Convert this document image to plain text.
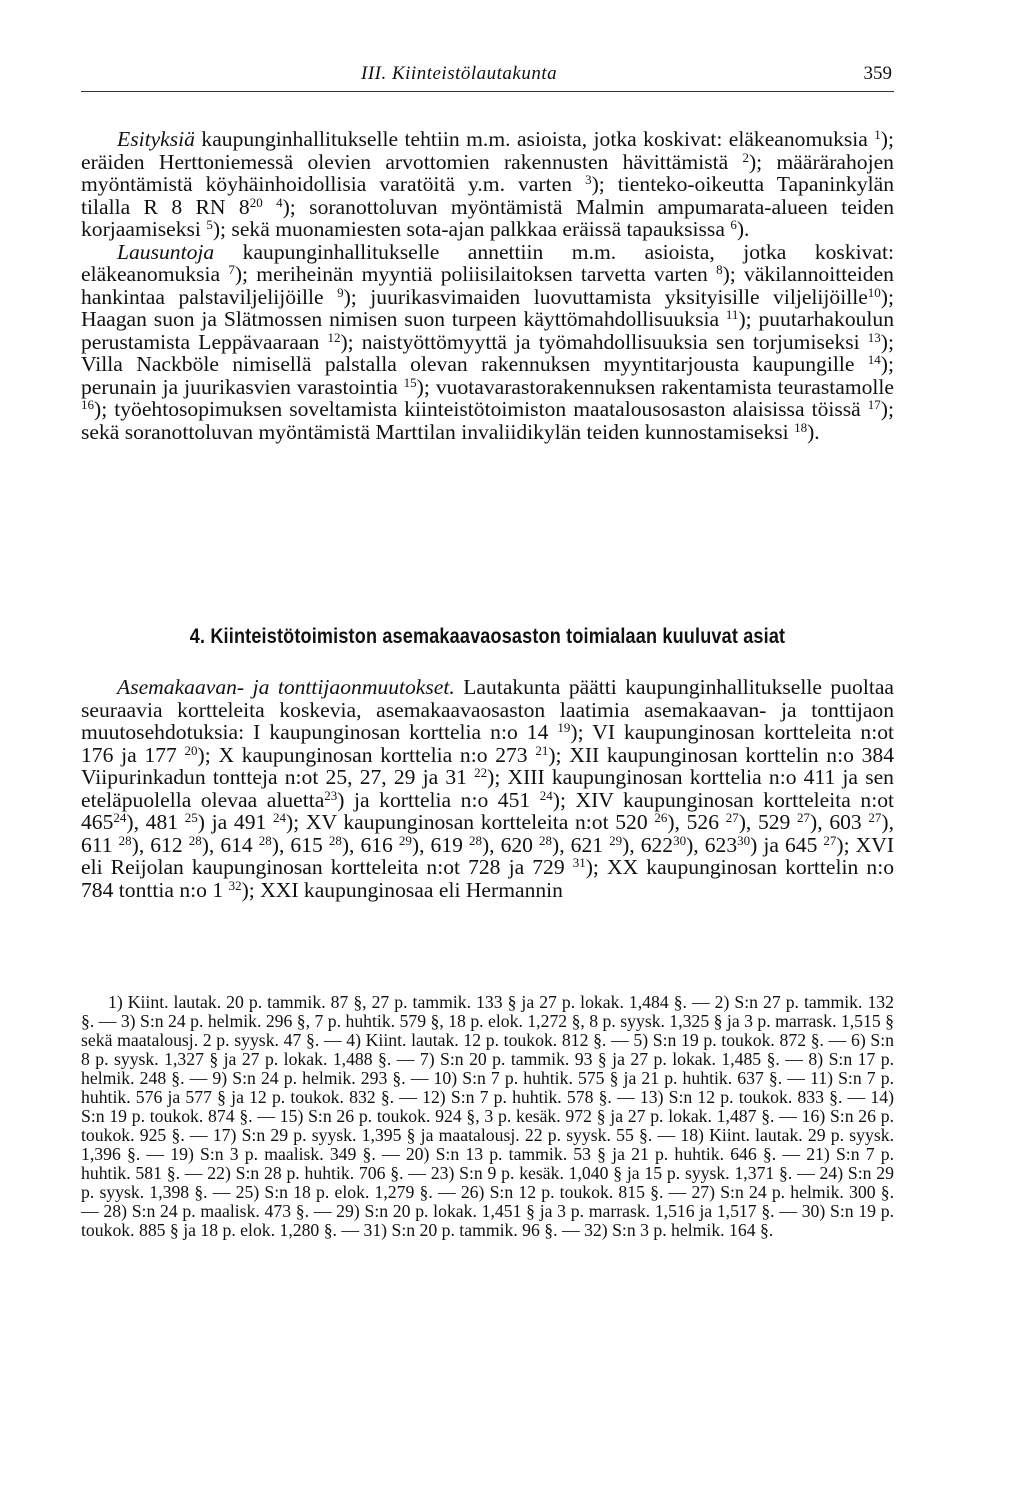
III. Kiinteistölautakunta	359

Esityksiä kaupunginhallitukselle tehtiin m.m. asioista, jotka koskivat: eläkeanomuksia $^1$); eräiden Herttoniemessä olevien arvottomien rakennusten hävittämistä $^2$); määrärahojen myöntämistä köyhäinhoidollisia varatöitä y.m. varten $^3$); tienteko-oikeutta Tapaninkylän tilalla R 8 RN $8^{20}$ $^4$); soranottoluvan myöntämistä Malmin ampumarata-alueen teiden korjaamiseksi $^5$); sekä muonamiesten sota-ajan palkkaa eräissä tapauksissa $^6$).

Lausuntoja kaupunginhallitukselle annettiin m.m. asioista, jotka koskivat: eläkeanomuksia $^7$); meriheinän myyntiä poliisilaitoksen tarvetta varten $^8$); väkilannoitteiden hankintaa palstaviljelijöille $^9$); juurikasvimaiden luovuttamista yksityisille viljelijöille$^{10}$); Haagan suon ja Slätmossen nimisen suon turpeen käyttömahdollisuuksia $^{11}$); puutarhakoulun perustamista Leppävaaraan $^{12}$); naistyöttömyyttä ja työmahdollisuuksia sen torjumiseksi $^{13}$); Villa Nackböle nimisellä palstalla olevan rakennuksen myyntitarjousta kaupungille $^{14}$); perunain ja juurikasvien varastointia $^{15}$); vuotavarastorakennuksen rakentamista teurastamolle $^{16}$); työehtosopimuksen soveltamista kiinteistötoimiston maatalousosaston alaisissa töissä $^{17}$); sekä soranottoluvan myöntämistä Marttilan invaliidikylän teiden kunnostamiseksi $^{18}$).

4. Kiinteistötoimiston asemakaavaosaston toimialaan kuuluvat asiat

Asemakaavan- ja tonttijaonmuutokset. Lautakunta päätti kaupunginhallitukselle puoltaa seuraavia kortteleita koskevia, asemakaavaosaston laatimia asemakaavan- ja tonttijaon muutosehdotuksia: I kaupunginosan korttelia n:o 14 $^{19}$); VI kaupunginosan kortteleita n:ot 176 ja 177 $^{20}$); X kaupunginosan korttelia n:o 273 $^{21}$); XII kaupunginosan korttelin n:o 384 Viipurinkadun tontteja n:ot 25, 27, 29 ja 31 $^{22}$); XIII kaupunginosan korttelia n:o 411 ja sen eteläpuolella olevaa aluetta$^{23}$) ja korttelia n:o 451 $^{24}$); XIV kaupunginosan kortteleita n:ot $465^{24}$), 481 $^{25}$) ja 491 $^{24}$); XV kaupunginosan kortteleita n:ot 520 $^{26}$), 526 $^{27}$), 529 $^{27}$), 603 $^{27}$), 611 $^{28}$), 612 $^{28}$), 614 $^{28}$), 615 $^{28}$), 616 $^{29}$), 619 $^{28}$), 620 $^{28}$), 621 $^{29}$), $622^{30}$), $623^{30}$) ja 645 $^{27}$); XVI eli Reijolan kaupunginosan kortteleita n:ot 728 ja 729 $^{31}$); XX kaupunginosan korttelin n:o 784 tonttia n:o 1 $^{32}$); XXI kaupunginosaa eli Hermannin

1) Kiint. lautak. 20 p. tammik. 87 §, 27 p. tammik. 133 § ja 27 p. lokak. 1,484 §. — 2) S:n 27 p. tammik. 132 §. — 3) S:n 24 p. helmik. 296 §, 7 p. huhtik. 579 §, 18 p. elok. 1,272 §, 8 p. syysk. 1,325 § ja 3 p. marrask. 1,515 § sekä maatalousj. 2 p. syysk. 47 §. — 4) Kiint. lautak. 12 p. toukok. 812 §. — 5) S:n 19 p. toukok. 872 §. — 6) S:n 8 p. syysk. 1,327 § ja 27 p. lokak. 1,488 §. — 7) S:n 20 p. tammik. 93 § ja 27 p. lokak. 1,485 §. — 8) S:n 17 p. helmik. 248 §. — 9) S:n 24 p. helmik. 293 §. — 10) S:n 7 p. huhtik. 575 § ja 21 p. huhtik. 637 §. — 11) S:n 7 p. huhtik. 576 ja 577 § ja 12 p. toukok. 832 §. — 12) S:n 7 p. huhtik. 578 §. — 13) S:n 12 p. toukok. 833 §. — 14) S:n 19 p. toukok. 874 §. — 15) S:n 26 p. toukok. 924 §, 3 p. kesäk. 972 § ja 27 p. lokak. 1,487 §. — 16) S:n 26 p. toukok. 925 §. — 17) S:n 29 p. syysk. 1,395 § ja maatalousj. 22 p. syysk. 55 §. — 18) Kiint. lautak. 29 p. syysk. 1,396 §. — 19) S:n 3 p. maalisk. 349 §. — 20) S:n 13 p. tammik. 53 § ja 21 p. huhtik. 646 §. — 21) S:n 7 p. huhtik. 581 §. — 22) S:n 28 p. huhtik. 706 §. — 23) S:n 9 p. kesäk. 1,040 § ja 15 p. syysk. 1,371 §. — 24) S:n 29 p. syysk. 1,398 §. — 25) S:n 18 p. elok. 1,279 §. — 26) S:n 12 p. toukok. 815 §. — 27) S:n 24 p. helmik. 300 §. — 28) S:n 24 p. maalisk. 473 §. — 29) S:n 20 p. lokak. 1,451 § ja 3 p. marrask. 1,516 ja 1,517 §. — 30) S:n 19 p. toukok. 885 § ja 18 p. elok. 1,280 §. — 31) S:n 20 p. tammik. 96 §. — 32) S:n 3 p. helmik. 164 §.
